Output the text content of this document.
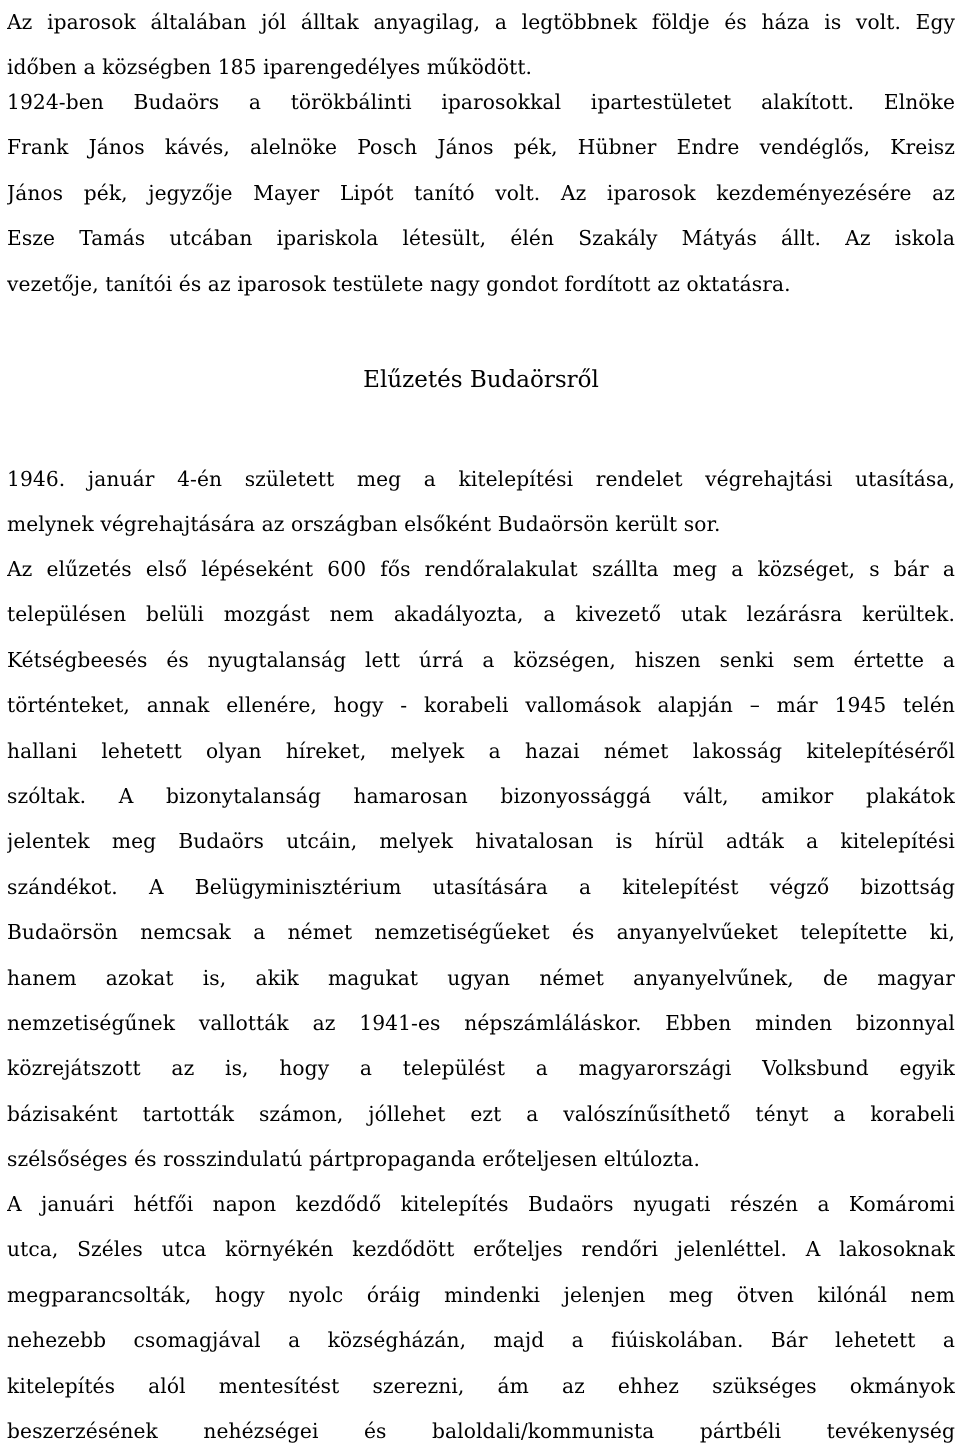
Az iparosok általában jól álltak anyagilag, a legtöbbnek földje és háza is volt. Egy
időben a községben 185 iparengedélyes működött.
1924-ben Budaörs a törökbálinti iparosokkal ipartestületet alakított. Elnöke
Frank János kávés, alelnöke Posch János pék, Hübner Endre vendéglős, Kreisz
János pék, jegyzője Mayer Lipót tanító volt. Az iparosok kezdeményezésére az
Esze Tamás utcában ipariskola létesült, élén Szakály Mátyás állt. Az iskola
vezetője, tanítói és az iparosok testülete nagy gondot fordított az oktatásra.
Elűzetés Budaörsről
1946. január 4-én született meg a kitelepítési rendelet végrehajtási utasítása,
melynek végrehajtására az országban elsőként Budaörsön került sor.
Az elűzetés első lépéseként 600 fős rendőralakulat szállta meg a községet, s bár a
településen belüli mozgást nem akadályozta, a kivezető utak lezárásra kerültek.
Kétségbeesés és nyugtalanság lett úrrá a községen, hiszen senki sem értette a
történteket, annak ellenére, hogy - korabeli vallomások alapján – már 1945 telén
hallani lehetett olyan híreket, melyek a hazai német lakosság kitelepítéséről
szóltak. A bizonytalanság hamarosan bizonyossággá vált, amikor plakátok
jelentek meg Budaörs utcáin, melyek hivatalosan is hírül adták a kitelepítési
szándékot. A Belügyminisztérium utasítására a kitelepítést végző bizottság
Budaörsön nemcsak a német nemzetiségűeket és anyanyelvűeket telepítette ki,
hanem azokat is, akik magukat ugyan német anyanyelvűnek, de magyar
nemzetiségűnek vallották az 1941-es népszámláláskor. Ebben minden bizonnyal
közrejátszott az is, hogy a települést a magyarországi Volksbund egyik
bázisaként tartották számon, jóllehet ezt a valószínűsíthető tényt a korabeli
szélsőséges és rosszindulatú pártpropaganda erőteljesen eltúlozta.
A januári hétfői napon kezdődő kitelepítés Budaörs nyugati részén a Komáromi
utca, Széles utca környékén kezdődött erőteljes rendőri jelenléttel. A lakosoknak
megparancsolták, hogy nyolc óráig mindenki jelenjen meg ötven kilónál nem
nehezebb csomagjával a községházán, majd a fiúiskolában. Bár lehetett a
kitelepítés alól mentesítést szerezni, ám az ehhez szükséges okmányok
beszerzésének nehézségei és baloldali/kommunista pártbéli tevékenység
